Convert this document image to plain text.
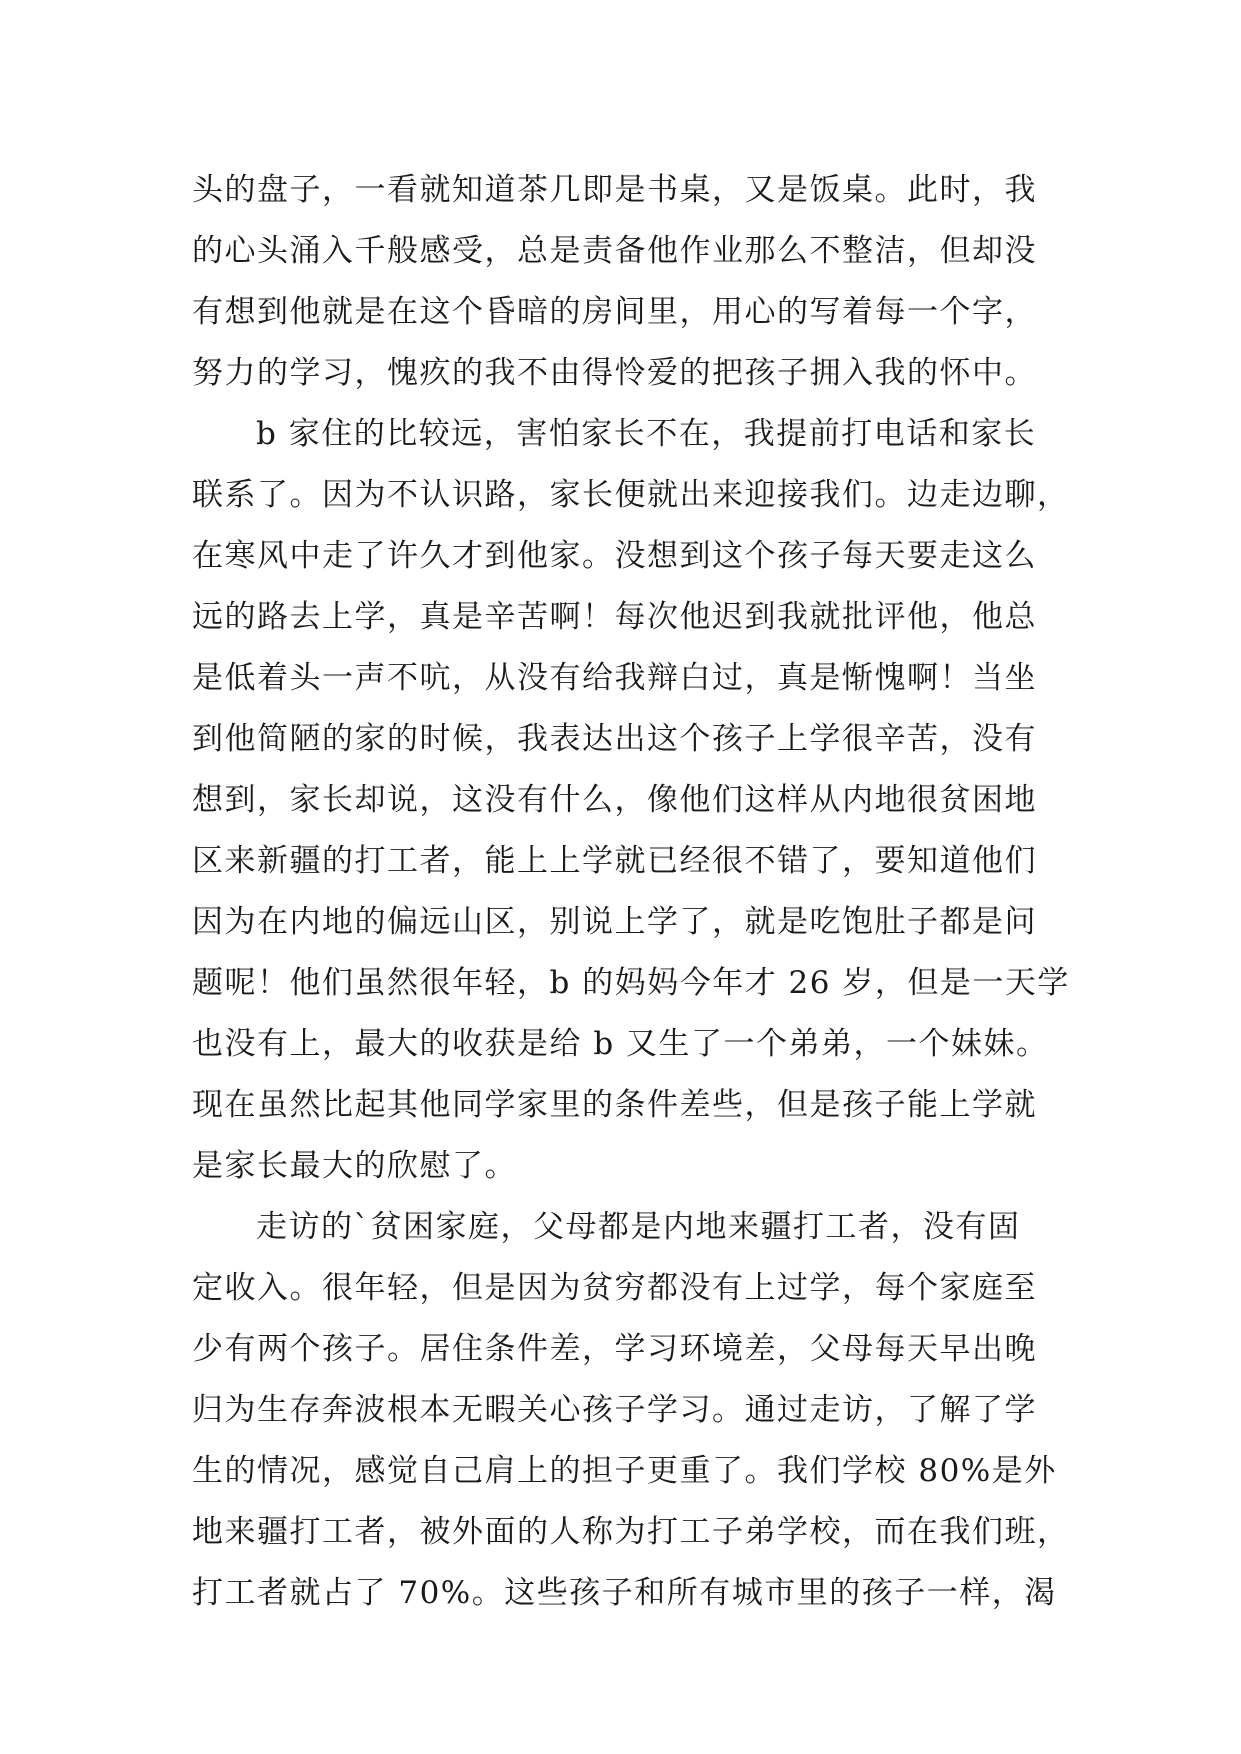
头的盘子，一看就知道茶几即是书桌，又是饭桌。此时，我
的心头涌入千般感受，总是责备他作业那么不整洁，但却没
有想到他就是在这个昏暗的房间里，用心的写着每一个字，
努力的学习，愧疚的我不由得怜爱的把孩子拥入我的怀中。
b 家住的比较远，害怕家长不在，我提前打电话和家长
联系了。因为不认识路，家长便就出来迎接我们。边走边聊，
在寒风中走了许久才到他家。没想到这个孩子每天要走这么
远的路去上学，真是辛苦啊！每次他迟到我就批评他，他总
是低着头一声不吭，从没有给我辩白过，真是惭愧啊！当坐
到他简陋的家的时候，我表达出这个孩子上学很辛苦，没有
想到，家长却说，这没有什么，像他们这样从内地很贫困地
区来新疆的打工者，能上上学就已经很不错了，要知道他们
因为在内地的偏远山区，别说上学了，就是吃饱肚子都是问
题呢！他们虽然很年轻，b 的妈妈今年才 26 岁，但是一天学
也没有上，最大的收获是给 b 又生了一个弟弟，一个妹妹。
现在虽然比起其他同学家里的条件差些，但是孩子能上学就
是家长最大的欣慰了。
走访的`贫困家庭，父母都是内地来疆打工者，没有固
定收入。很年轻，但是因为贫穷都没有上过学，每个家庭至
少有两个孩子。居住条件差，学习环境差，父母每天早出晚
归为生存奔波根本无暇关心孩子学习。通过走访，了解了学
生的情况，感觉自己肩上的担子更重了。我们学校 80%是外
地来疆打工者，被外面的人称为打工子弟学校，而在我们班，
打工者就占了 70%。这些孩子和所有城市里的孩子一样，渴
